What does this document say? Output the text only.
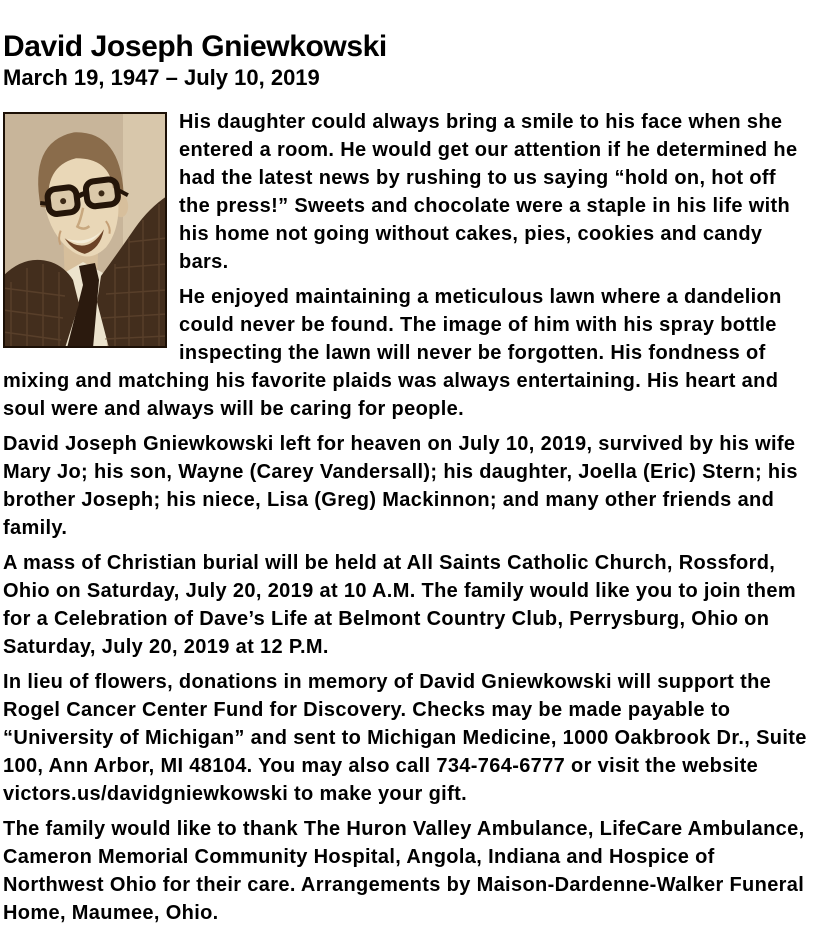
David Joseph Gniewkowski
March 19, 1947 – July 10, 2019

His daughter could always bring a smile to his face when she entered a room. He would get our attention if he determined he had the latest news by rushing to us saying “hold on, hot off the press!” Sweets and chocolate were a staple in his life with his home not going without cakes, pies, cookies and candy bars.

He enjoyed maintaining a meticulous lawn where a dandelion could never be found. The image of him with his spray bottle inspecting the lawn will never be forgotten. His fondness of mixing and matching his favorite plaids was always entertaining. His heart and soul were and always will be caring for people.

David Joseph Gniewkowski left for heaven on July 10, 2019, survived by his wife Mary Jo; his son, Wayne (Carey Vandersall); his daughter, Joella (Eric) Stern; his brother Joseph; his niece, Lisa (Greg) Mackinnon; and many other friends and family.

A mass of Christian burial will be held at All Saints Catholic Church, Rossford, Ohio on Saturday, July 20, 2019 at 10 A.M. The family would like you to join them for a Celebration of Dave’s Life at Belmont Country Club, Perrysburg, Ohio on Saturday, July 20, 2019 at 12 P.M.

In lieu of flowers, donations in memory of David Gniewkowski will support the Rogel Cancer Center Fund for Discovery. Checks may be made payable to “University of Michigan” and sent to Michigan Medicine, 1000 Oakbrook Dr., Suite 100, Ann Arbor, MI 48104. You may also call 734-764-6777 or visit the website victors.us/davidgniewkowski to make your gift.

The family would like to thank The Huron Valley Ambulance, LifeCare Ambulance, Cameron Memorial Community Hospital, Angola, Indiana and Hospice of Northwest Ohio for their care. Arrangements by Maison-Dardenne-Walker Funeral Home, Maumee, Ohio.
